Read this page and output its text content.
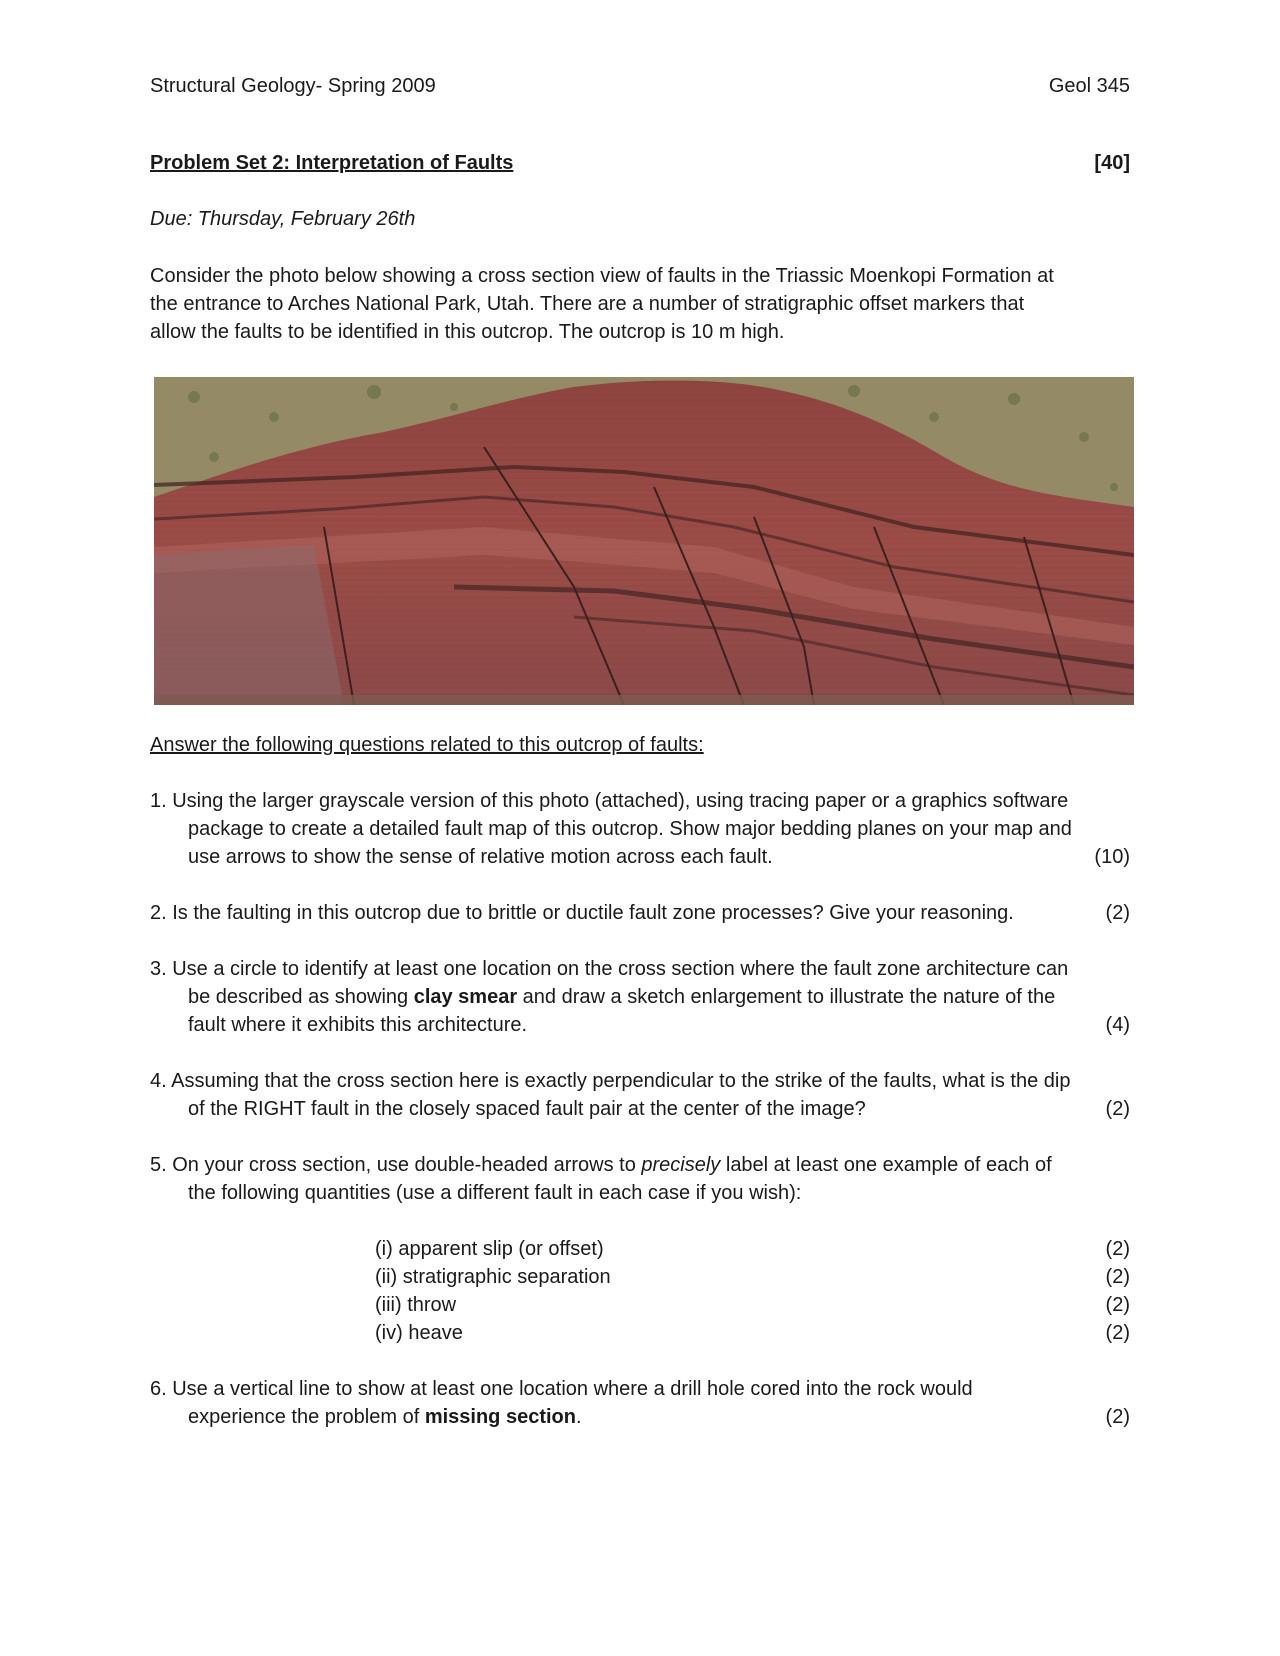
Structural Geology- Spring 2009	Geol 345
Problem Set 2: Interpretation of Faults	[40]
Due: Thursday, February 26th
Consider the photo below showing a cross section view of faults in the Triassic Moenkopi Formation at
the entrance to Arches National Park, Utah. There are a number of stratigraphic offset markers that
allow the faults to be identified in this outcrop. The outcrop is 10 m high.
Answer the following questions related to this outcrop of faults:
1. Using the larger grayscale version of this photo (attached), using tracing paper or a graphics software
package to create a detailed fault map of this outcrop. Show major bedding planes on your map and
use arrows to show the sense of relative motion across each fault.	(10)
2. Is the faulting in this outcrop due to brittle or ductile fault zone processes? Give your reasoning.	(2)
3. Use a circle to identify at least one location on the cross section where the fault zone architecture can
be described as showing clay smear and draw a sketch enlargement to illustrate the nature of the
fault where it exhibits this architecture.	(4)
4. Assuming that the cross section here is exactly perpendicular to the strike of the faults, what is the dip
of the RIGHT fault in the closely spaced fault pair at the center of the image?	(2)
5. On your cross section, use double-headed arrows to precisely label at least one example of each of
the following quantities (use a different fault in each case if you wish):
(i) apparent slip (or offset)	(2)
(ii) stratigraphic separation	(2)
(iii) throw	(2)
(iv) heave	(2)
6. Use a vertical line to show at least one location where a drill hole cored into the rock would
experience the problem of missing section.	(2)
